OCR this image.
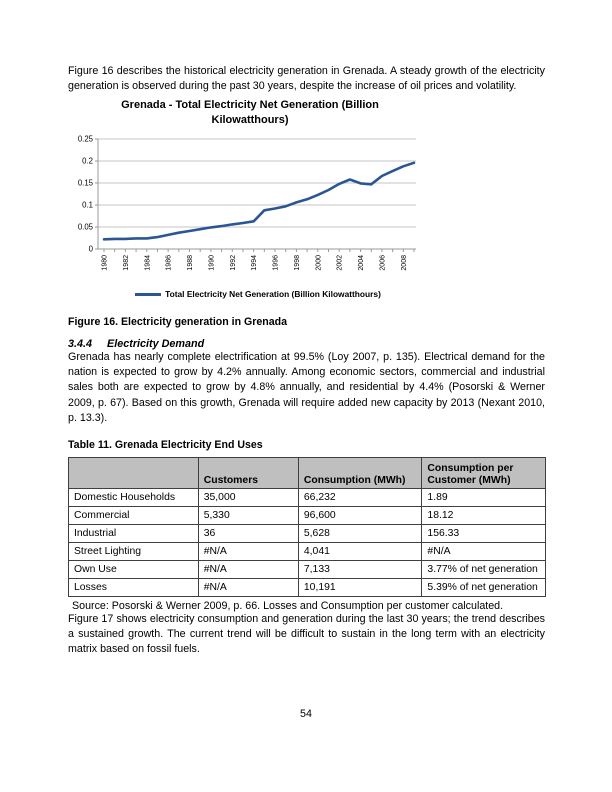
Figure 16 describes the historical electricity generation in Grenada. A steady growth of the electricity generation is observed during the past 30 years, despite the increase of oil prices and volatility.

Grenada - Total Electricity Net Generation (Billion Kilowatthours)
0
0.05
0.1
0.15
0.2
0.25
1980 1982 1984 1986 1988 1990 1992 1994 1996 1998 2000 2002 2004 2006 2008
Total Electricity Net Generation (Billion Kilowatthours)
Figure 16. Electricity generation in Grenada
3.4.4 Electricity Demand

Grenada has nearly complete electrification at 99.5% (Loy 2007, p. 135). Electrical demand for the nation is expected to grow by 4.2% annually. Among economic sectors, commercial and industrial sales both are expected to grow by 4.8% annually, and residential by 4.4% (Posorski & Werner 2009, p. 67). Based on this growth, Grenada will require added new capacity by 2013 (Nexant 2010, p. 13.3).

Table 11. Grenada Electricity End Uses
	Customers	Consumption (MWh)	Consumption per Customer (MWh)
Domestic Households	35,000	66,232	1.89
Commercial	5,330	96,600	18.12
Industrial	36	5,628	156.33
Street Lighting	#N/A	4,041	#N/A
Own Use	#N/A	7,133	3.77% of net generation
Losses	#N/A	10,191	5.39% of net generation
Source: Posorski & Werner 2009, p. 66. Losses and Consumption per customer calculated.

Figure 17 shows electricity consumption and generation during the last 30 years; the trend describes a sustained growth. The current trend will be difficult to sustain in the long term with an electricity matrix based on fossil fuels.

54
